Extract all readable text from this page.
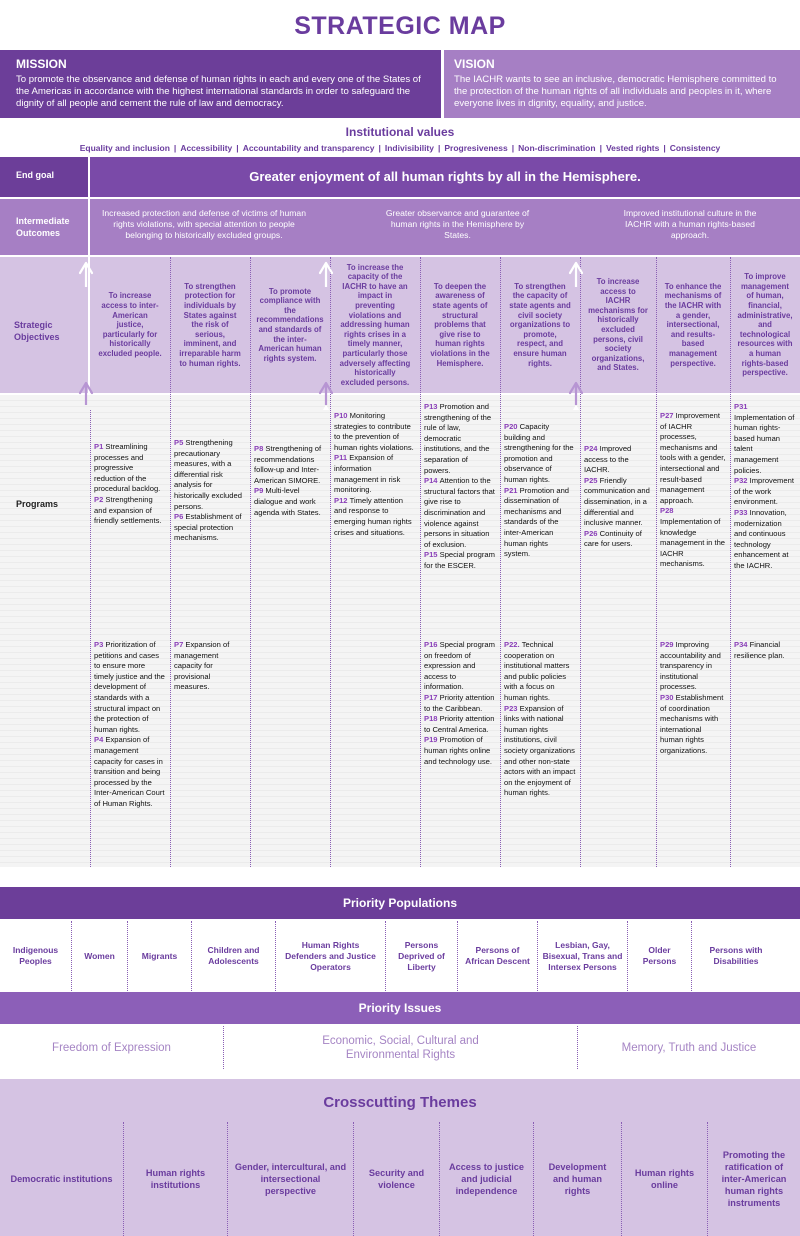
STRATEGIC MAP
MISSION
To promote the observance and defense of human rights in each and every one of the States of the Americas in accordance with the highest international standards in order to safeguard the dignity of all people and cement the rule of law and democracy.
VISION
The IACHR wants to see an inclusive, democratic Hemisphere committed to the protection of the human rights of all individuals and peoples in it, where everyone lives in dignity, equality, and justice.
Institutional values
Equality and inclusion | Accessibility | Accountability and transparency | Indivisibility | Progresiveness | Non-discrimination | Vested rights | Consistency
End goal	Greater enjoyment of all human rights by all in the Hemisphere.
Intermediate Outcomes
Increased protection and defense of victims of human rights violations, with special attention to people belonging to historically excluded groups.
Greater observance and guarantee of human rights in the Hemisphere by States.
Improved institutional culture in the IACHR with a human rights-based approach.
Strategic Objectives
To increase access to inter-American justice, particularly for historically excluded people.
To strengthen protection for individuals by States against the risk of serious, imminent, and irreparable harm to human rights.
To promote compliance with the recommendations and standards of the inter-American human rights system.
To increase the capacity of the IACHR to have an impact in preventing violations and addressing human rights crises in a timely manner, particularly those adversely affecting historically excluded persons.
To deepen the awareness of state agents of structural problems that give rise to human rights violations in the Hemisphere.
To strengthen the capacity of state agents and civil society organizations to promote, respect, and ensure human rights.
To increase access to IACHR mechanisms for historically excluded persons, civil society organizations, and States.
To enhance the mechanisms of the IACHR with a gender, intersectional, and results-based management perspective.
To improve management of human, financial, administrative, and technological resources with a human rights-based perspective.
Programs
P1 Streamlining processes and progressive reduction of the procedural backlog.
P2 Strengthening and expansion of friendly settlements.

P3 Prioritization of petitions and cases to ensure more timely justice and the development of standards with a structural impact on the protection of human rights.
P4 Expansion of management capacity for cases in transition and being processed by the Inter-American Court of Human Rights.

P5 Strengthening precautionary measures, with a differential risk analysis for historically excluded persons.
P6 Establishment of special protection mechanisms.

P7 Expansion of management capacity for provisional measures.

P8 Strengthening of recommendations follow-up and Inter-American SIMORE.
P9 Multi-level dialogue and work agenda with States.

P10 Monitoring strategies to contribute to the prevention of human rights violations.
P11 Expansion of information management in risk monitoring.
P12 Timely attention and response to emerging human rights crises and situations.

P13 Promotion and strengthening of the rule of law, democratic institutions, and the separation of powers.
P14 Attention to the structural factors that give rise to discrimination and violence against persons in situation of exclusion.
P15 Special program for the ESCER.

P16 Special program on freedom of expression and access to information.
P17 Priority attention to the Caribbean.
P18 Priority attention to Central America.
P19 Promotion of human rights online and technology use.

P20 Capacity building and strengthening for the promotion and observance of human rights.
P21 Promotion and dissemination of mechanisms and standards of the inter-American human rights system.

P22. Technical cooperation on institutional matters and public policies with a focus on human rights.
P23 Expansion of links with national human rights institutions, civil society organizations and other non-state actors with an impact on the enjoyment of human rights.

P24 Improved access to the IACHR.
P25 Friendly communication and dissemination, in a differential and inclusive manner.
P26 Continuity of care for users.

P27 Improvement of IACHR processes, mechanisms and tools with a gender, intersectional and result-based management approach.
P28 Implementation of knowledge management in the IACHR mechanisms.

P29 Improving accountability and transparency in institutional processes.
P30 Establishment of coordination mechanisms with international human rights organizations.

P31 Implementation of human rights-based human talent management policies.
P32 Improvement of the work environment.
P33 Innovation, modernization and continuous technology enhancement at the IACHR.

P34 Financial resilience plan.

Priority Populations
Indigenous Peoples
Women	Migrants
Children and Adolescents
Human Rights Defenders and Justice Operators
Persons Deprived of Liberty
Persons of African Descent
Lesbian, Gay, Bisexual, Trans and Intersex Persons
Older Persons
Persons with Disabilities
Priority Issues
Freedom of Expression
Economic, Social, Cultural and Environmental Rights
Memory, Truth and Justice
Crosscutting Themes
Democratic institutions
Human rights institutions
Gender, intercultural, and intersectional perspective
Security and violence
Access to justice and judicial independence
Development and human rights
Human rights online
Promoting the ratification of inter-American human rights instruments
